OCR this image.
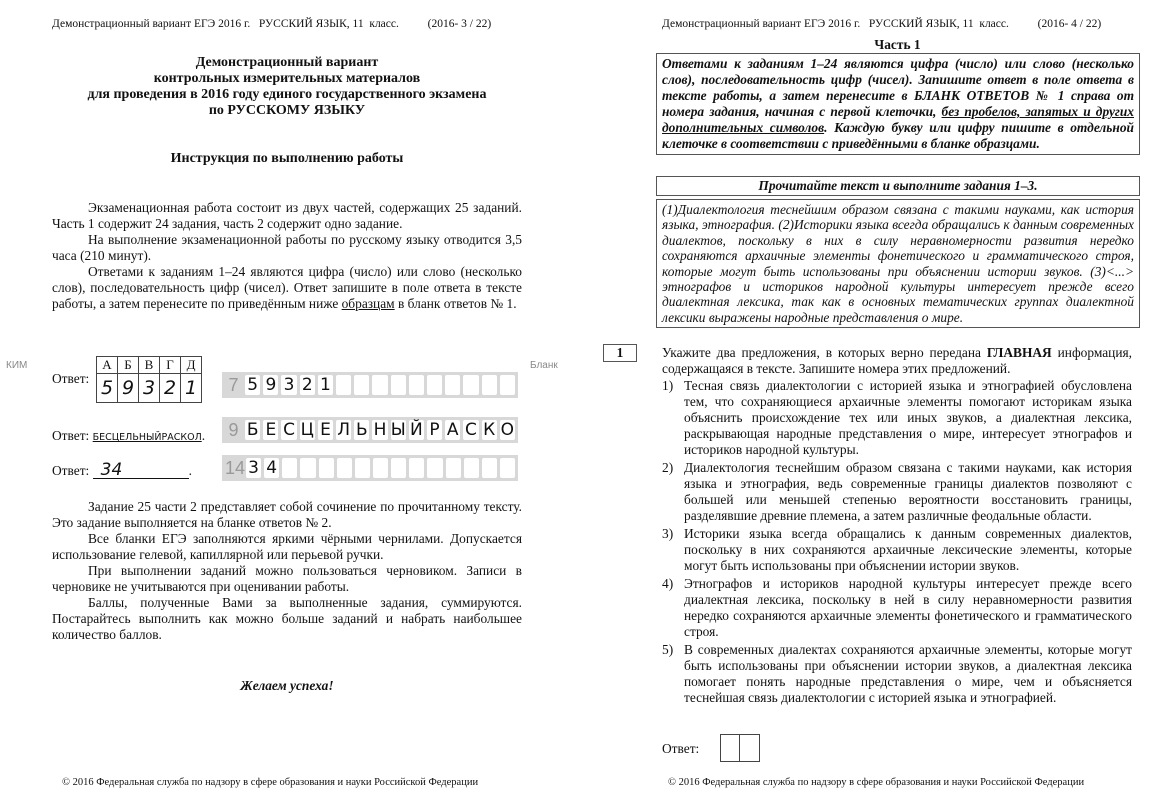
Демонстрационный вариант ЕГЭ 2016 г.   РУССКИЙ ЯЗЫК, 11  класс.          (2016- 3 / 22)
Демонстрационный вариант
контрольных измерительных материалов
для проведения в 2016 году единого государственного экзамена
по РУССКОМУ ЯЗЫКУ
Инструкция по выполнению работы

Экзаменационная работа состоит из двух частей, содержащих 25 заданий. Часть 1 содержит 24 задания, часть 2 содержит одно задание.

На выполнение экзаменационной работы по русскому языку отводится 3,5 часа (210 минут).

Ответами к заданиям 1–24 являются цифра (число) или слово (несколько слов), последовательность цифр (чисел). Ответ запишите в поле ответа в тексте работы, а затем перенесите по приведённым ниже образцам в бланк ответов № 1.

КИМ	Бланк
Ответ:
А	Б	В	Г	Д
5	9	3	2	1
Ответ: БЕСЦЕЛЬНЫЙРАСКОЛ.
Ответ: 34	.
7 5 9 3 2 1
9 Б Е С Ц Е Л Ь Н Ы Й Р А С К О
14 3 4

Задание 25 части 2 представляет собой сочинение по прочитанному тексту. Это задание выполняется на бланке ответов № 2.

Все бланки ЕГЭ заполняются яркими чёрными чернилами. Допускается использование гелевой, капиллярной или перьевой ручки.

При выполнении заданий можно пользоваться черновиком. Записи в черновике не учитываются при оценивании работы.

Баллы, полученные Вами за выполненные задания, суммируются. Постарайтесь выполнить как можно больше заданий и набрать наибольшее количество баллов.

Желаем успеха!
© 2016 Федеральная служба по надзору в сфере образования и науки Российской Федерации
Демонстрационный вариант ЕГЭ 2016 г.   РУССКИЙ ЯЗЫК, 11  класс.          (2016- 4 / 22)
Часть 1
Ответами к заданиям 1–24 являются цифра (число) или слово (несколько слов), последовательность цифр (чисел). Запишите ответ в поле ответа в тексте работы, а затем перенесите в БЛАНК ОТВЕТОВ № 1 справа от номера задания, начиная с первой клеточки, без пробелов, запятых и других дополнительных символов. Каждую букву или цифру пишите в отдельной клеточке в соответствии с приведёнными в бланке образцами.
Прочитайте текст и выполните задания 1–3.
(1)Диалектология теснейшим образом связана с такими науками, как история языка, этнография. (2)Историки языка всегда обращались к данным современных диалектов, поскольку в них в силу неравномерности развития нередко сохраняются архаичные элементы фонетического и грамматического строя, которые могут быть использованы при объяснении истории звуков. (3)<...> этнографов и историков народной культуры интересует прежде всего диалектная лексика, так как в основных тематических группах диалектной лексики выражены народные представления о мире.
1	Укажите два предложения, в которых верно передана ГЛАВНАЯ информация, содержащаяся в тексте. Запишите номера этих предложений.
1) Тесная связь диалектологии с историей языка и этнографией обусловлена тем, что сохраняющиеся архаичные элементы помогают историкам языка объяснить происхождение тех или иных звуков, а диалектная лексика, раскрывающая народные представления о мире, интересует этнографов и историков народной культуры.
2) Диалектология теснейшим образом связана с такими науками, как история языка и этнография, ведь современные границы диалектов позволяют с большей или меньшей степенью вероятности восстановить границы, разделявшие древние племена, а затем различные феодальные области.
3) Историки языка всегда обращались к данным современных диалектов, поскольку в них сохраняются архаичные лексические элементы, которые могут быть использованы при объяснении истории звуков.
4) Этнографов и историков народной культуры интересует прежде всего диалектная лексика, поскольку в ней в силу неравномерности развития нередко сохраняются архаичные элементы фонетического и грамматического строя.
5) В современных диалектах сохраняются архаичные элементы, которые могут быть использованы при объяснении истории звуков, а диалектная лексика помогает понять народные представления о мире, чем и объясняется теснейшая связь диалектологии с историей языка и этнографией.
Ответ:
© 2016 Федеральная служба по надзору в сфере образования и науки Российской Федерации
